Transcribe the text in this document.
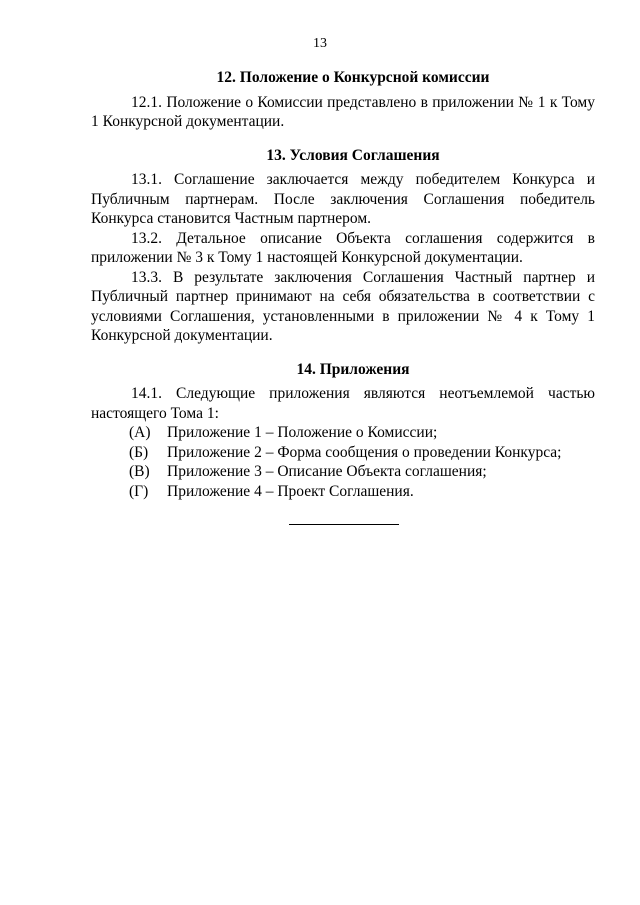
13

12. Положение о Конкурсной комиссии

12.1. Положение о Комиссии представлено в приложении № 1 к Тому 1 Конкурсной документации.

13. Условия Соглашения

13.1. Соглашение заключается между победителем Конкурса и Публичным партнерам. После заключения Соглашения победитель Конкурса становится Частным партнером.

13.2. Детальное описание Объекта соглашения содержится в приложении № 3 к Тому 1 настоящей Конкурсной документации.

13.3. В результате заключения Соглашения Частный партнер и Публичный партнер принимают на себя обязательства в соответствии с условиями Соглашения, установленными в приложении № 4 к Тому 1 Конкурсной документации.

14. Приложения

14.1. Следующие приложения являются неотъемлемой частью настоящего Тома 1:

(А)	Приложение 1 – Положение о Комиссии;
(Б)	Приложение 2 – Форма сообщения о проведении Конкурса;
(В)	Приложение 3 – Описание Объекта соглашения;
(Г)	Приложение 4 – Проект Соглашения.
